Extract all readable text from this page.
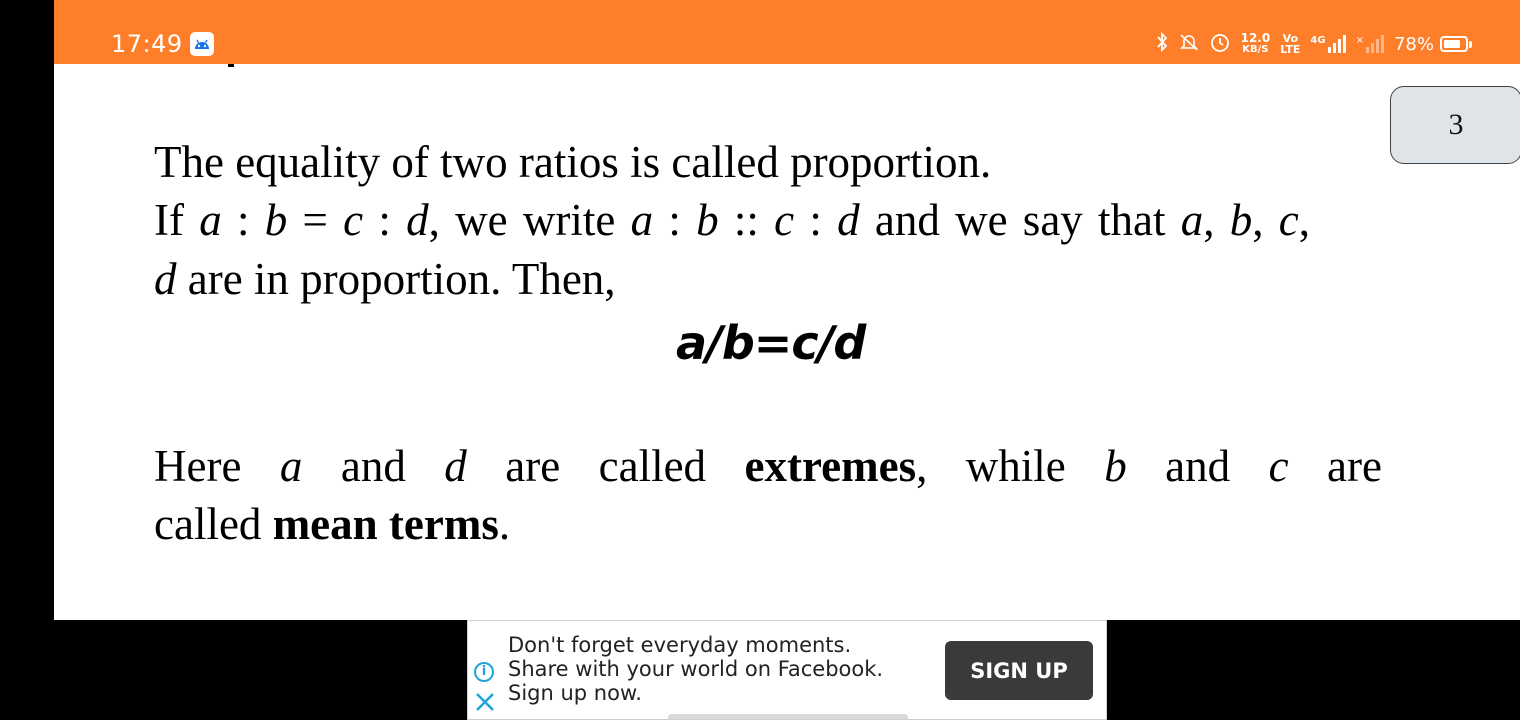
17:49	12.0
KB/S
Vo
LTE
4G	× 78%
3
The equality of two ratios is called proportion.
If a : b = c : d, we write a : b :: c : d and we say that a, b, c,
d are in proportion. Then,
a/b=c/d
Here a and d are called extremes, while b and c are
called mean terms.
i
Don't forget everyday moments. Share with your world on Facebook. Sign up now.
SIGN UP
